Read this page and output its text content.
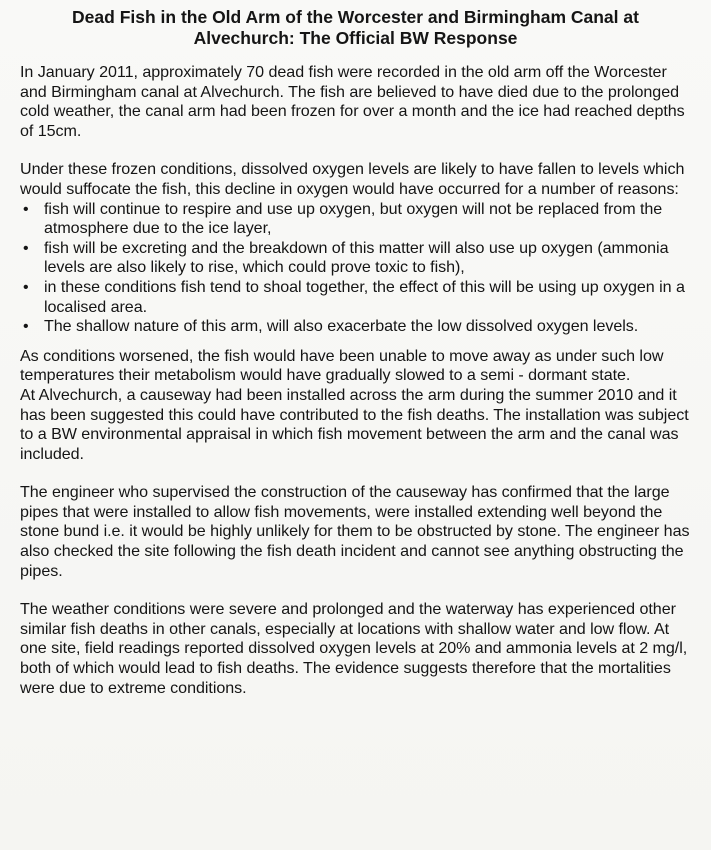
Dead Fish in the Old Arm of the Worcester and Birmingham Canal at
Alvechurch: The Official BW Response

In January 2011, approximately 70 dead fish were recorded in the old arm off the Worcester and Birmingham canal at Alvechurch. The fish are believed to have died due to the prolonged cold weather, the canal arm had been frozen for over a month and the ice had reached depths of 15cm.

Under these frozen conditions, dissolved oxygen levels are likely to have fallen to levels which would suffocate the fish, this decline in oxygen would have occurred for a number of reasons:

• fish will continue to respire and use up oxygen, but oxygen will not be replaced from the atmosphere due to the ice layer,
• fish will be excreting and the breakdown of this matter will also use up oxygen (ammonia levels are also likely to rise, which could prove toxic to fish),
• in these conditions fish tend to shoal together, the effect of this will be using up oxygen in a localised area.
• The shallow nature of this arm, will also exacerbate the low dissolved oxygen levels.

As conditions worsened, the fish would have been unable to move away as under such low temperatures their metabolism would have gradually slowed to a semi - dormant state.

At Alvechurch, a causeway had been installed across the arm during the summer 2010 and it has been suggested this could have contributed to the fish deaths. The installation was subject to a BW environmental appraisal in which fish movement between the arm and the canal was included.

The engineer who supervised the construction of the causeway has confirmed that the large pipes that were installed to allow fish movements, were installed extending well beyond the stone bund i.e. it would be highly unlikely for them to be obstructed by stone. The engineer has also checked the site following the fish death incident and cannot see anything obstructing the pipes.

The weather conditions were severe and prolonged and the waterway has experienced other similar fish deaths in other canals, especially at locations with shallow water and low flow. At one site, field readings reported dissolved oxygen levels at 20% and ammonia levels at 2 mg/l, both of which would lead to fish deaths. The evidence suggests therefore that the mortalities were due to extreme conditions.
